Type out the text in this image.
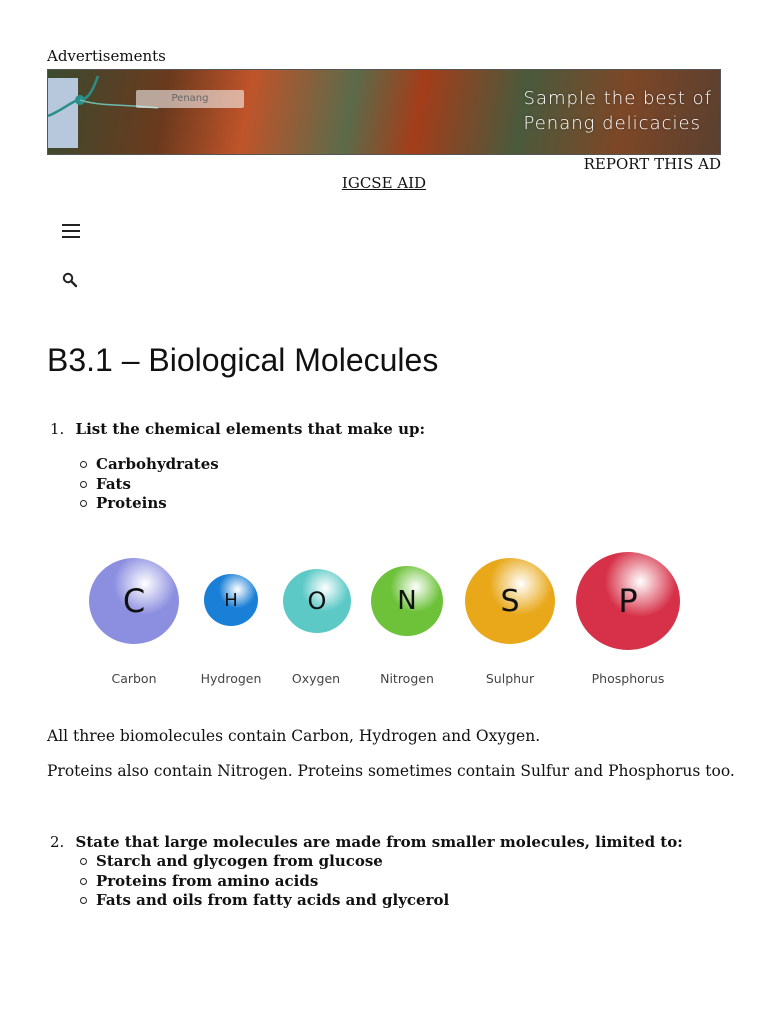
Advertisements
Penang	Sample the best of
Penang delicacies
REPORT THIS AD
IGCSE AID
B3.1 – Biological Molecules
1. List the chemical elements that make up:
Carbohydrates
Fats
Proteins
C
Carbon
H
Hydrogen
O
Oxygen
N
Nitrogen
S
Sulphur
P
Phosphorus
All three biomolecules contain Carbon, Hydrogen and Oxygen.
Proteins also contain Nitrogen. Proteins sometimes contain Sulfur and Phosphorus too.
2. State that large molecules are made from smaller molecules, limited to:
Starch and glycogen from glucose
Proteins from amino acids
Fats and oils from fatty acids and glycerol
